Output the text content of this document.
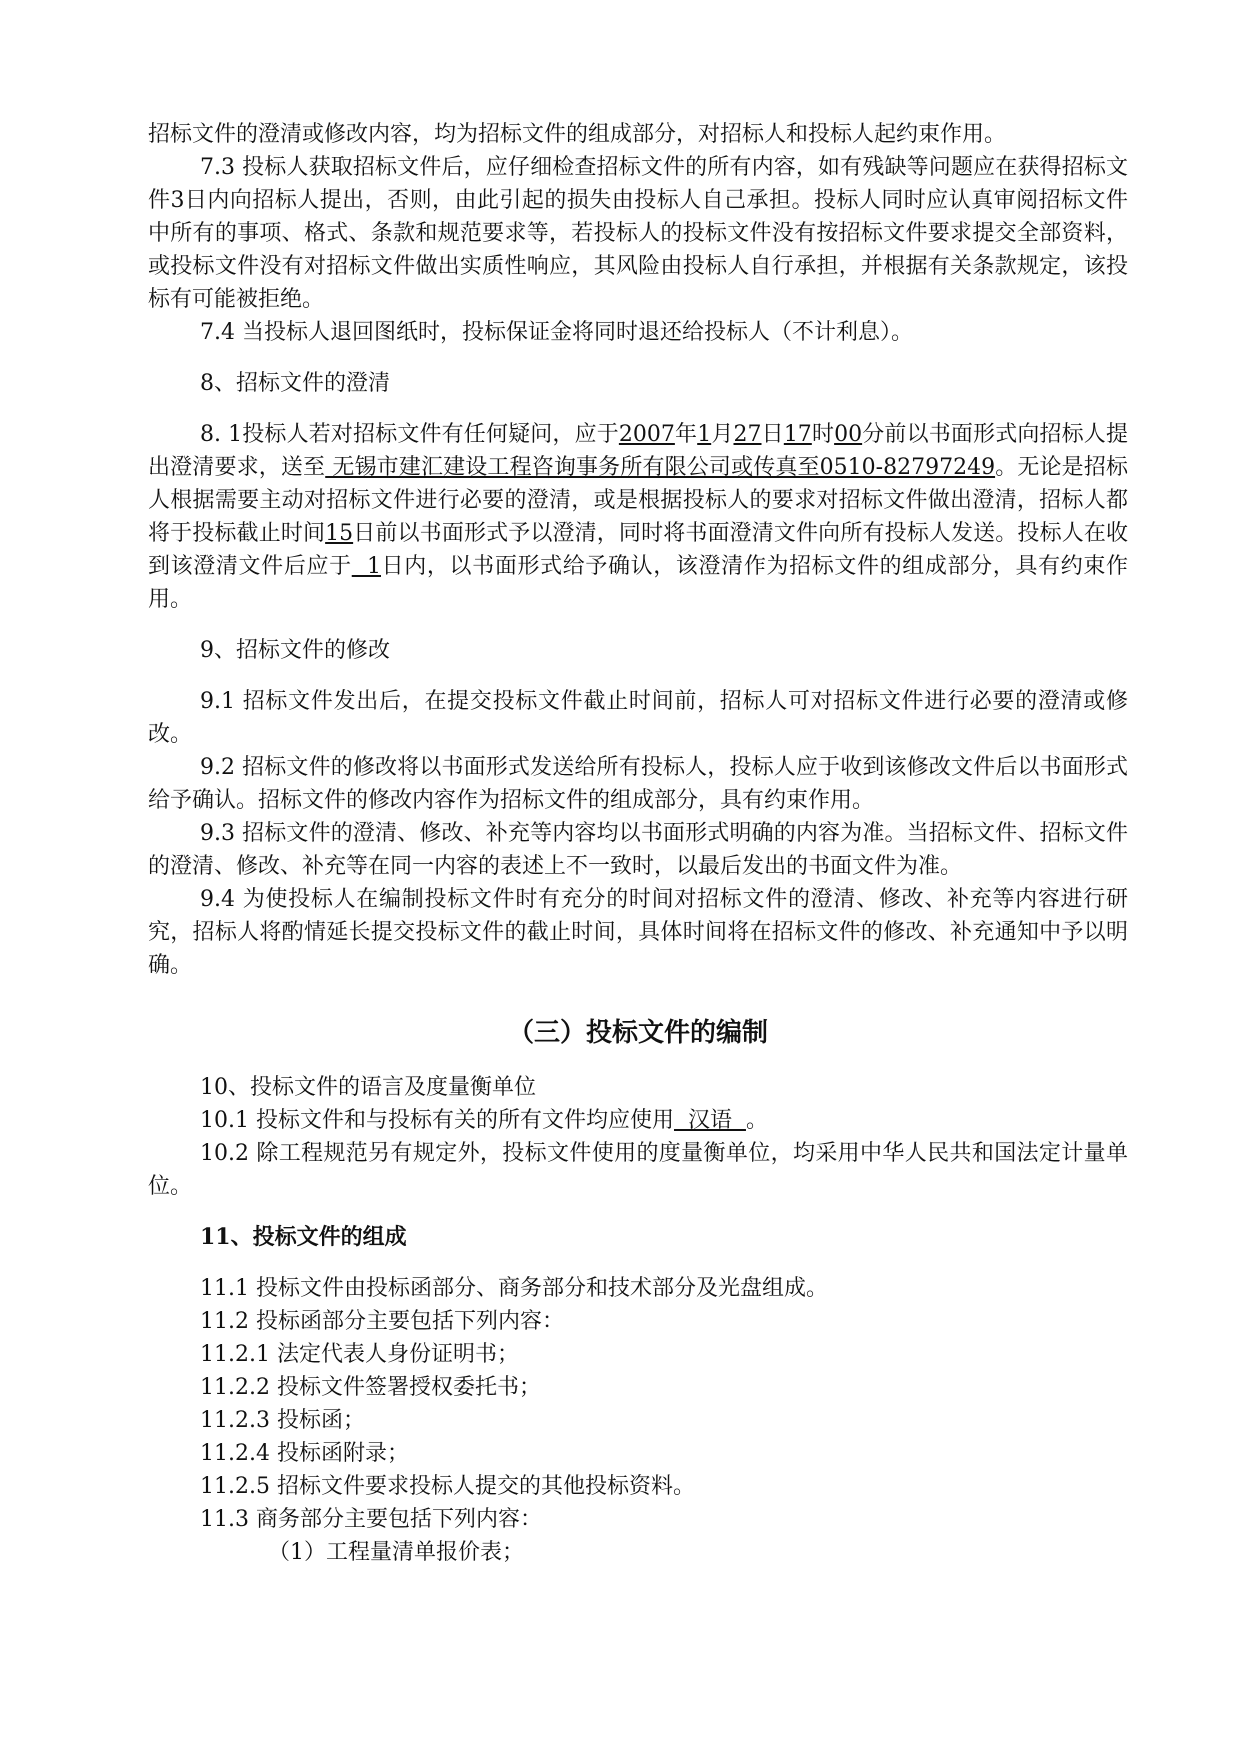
招标文件的澄清或修改内容，均为招标文件的组成部分，对招标人和投标人起约束作用。

7.3 投标人获取招标文件后，应仔细检查招标文件的所有内容，如有残缺等问题应在获得招标文件3日内向招标人提出，否则，由此引起的损失由投标人自己承担。投标人同时应认真审阅招标文件中所有的事项、格式、条款和规范要求等，若投标人的投标文件没有按招标文件要求提交全部资料，或投标文件没有对招标文件做出实质性响应，其风险由投标人自行承担，并根据有关条款规定，该投标有可能被拒绝。

7.4 当投标人退回图纸时，投标保证金将同时退还给投标人（不计利息）。

8、招标文件的澄清

8. 1投标人若对招标文件有任何疑问，应于2007年1月27日17时00分前以书面形式向招标人提出澄清要求，送至 无锡市建汇建设工程咨询事务所有限公司或传真至0510-82797249。无论是招标人根据需要主动对招标文件进行必要的澄清，或是根据投标人的要求对招标文件做出澄清，招标人都将于投标截止时间15日前以书面形式予以澄清，同时将书面澄清文件向所有投标人发送。投标人在收到该澄清文件后应于  1日内，以书面形式给予确认，该澄清作为招标文件的组成部分，具有约束作用。

9、招标文件的修改

9.1 招标文件发出后，在提交投标文件截止时间前，招标人可对招标文件进行必要的澄清或修改。

9.2 招标文件的修改将以书面形式发送给所有投标人，投标人应于收到该修改文件后以书面形式给予确认。招标文件的修改内容作为招标文件的组成部分，具有约束作用。

9.3 招标文件的澄清、修改、补充等内容均以书面形式明确的内容为准。当招标文件、招标文件的澄清、修改、补充等在同一内容的表述上不一致时，以最后发出的书面文件为准。

9.4 为使投标人在编制投标文件时有充分的时间对招标文件的澄清、修改、补充等内容进行研究，招标人将酌情延长提交投标文件的截止时间，具体时间将在招标文件的修改、补充通知中予以明确。

（三）投标文件的编制

10、投标文件的语言及度量衡单位

10.1 投标文件和与投标有关的所有文件均应使用  汉语  。

10.2 除工程规范另有规定外，投标文件使用的度量衡单位，均采用中华人民共和国法定计量单位。

11、投标文件的组成

11.1 投标文件由投标函部分、商务部分和技术部分及光盘组成。

11.2 投标函部分主要包括下列内容：

11.2.1 法定代表人身份证明书；

11.2.2 投标文件签署授权委托书；

11.2.3 投标函；

11.2.4 投标函附录；

11.2.5 招标文件要求投标人提交的其他投标资料。

11.3 商务部分主要包括下列内容：

（1）工程量清单报价表；
